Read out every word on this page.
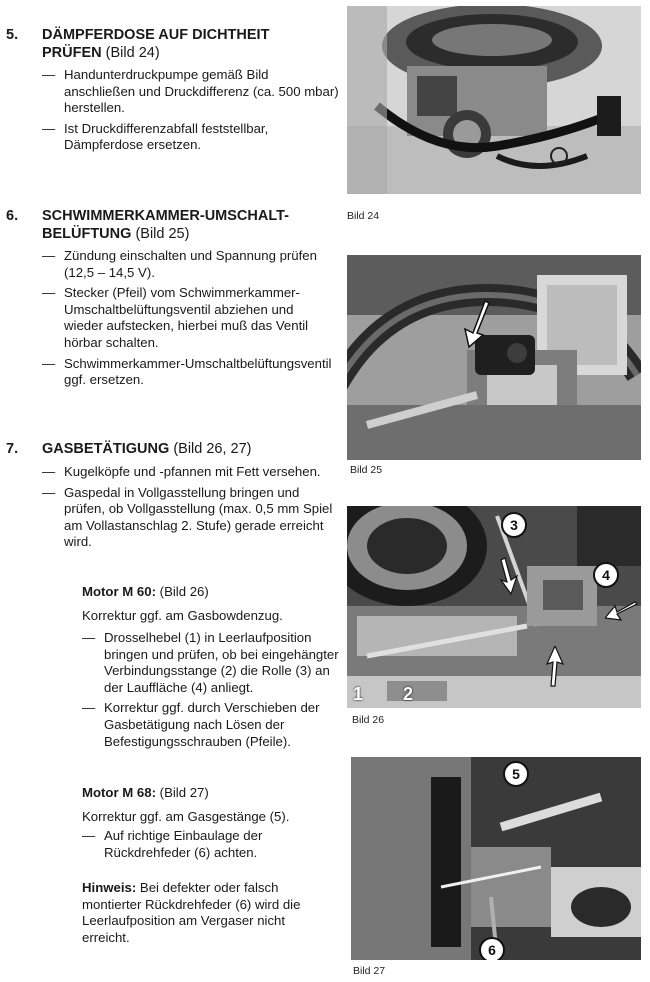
5. DÄMPFERDOSE AUF DICHTHEIT
PRÜFEN (Bild 24)
— Handunterdruckpumpe gemäß Bild anschließen und Druckdifferenz (ca. 500 mbar) herstellen.
— Ist Druckdifferenzabfall feststellbar, Dämpferdose ersetzen.
6. SCHWIMMERKAMMER-UMSCHALT-
BELÜFTUNG (Bild 25)
— Zündung einschalten und Spannung prüfen (12,5 – 14,5 V).
— Stecker (Pfeil) vom Schwimmerkammer-Umschaltbelüftungsventil abziehen und wieder aufstecken, hierbei muß das Ventil hörbar schalten.
— Schwimmerkammer-Umschaltbelüftungsventil ggf. ersetzen.
7. GASBETÄTIGUNG (Bild 26, 27)
— Kugelköpfe und -pfannen mit Fett versehen.
— Gaspedal in Vollgasstellung bringen und prüfen, ob Vollgasstellung (max. 0,5 mm Spiel am Vollastanschlag 2. Stufe) gerade erreicht wird.
Motor M 60: (Bild 26)
Korrektur ggf. am Gasbowdenzug.
— Drosselhebel (1) in Leerlaufposition bringen und prüfen, ob bei eingehängter Verbindungsstange (2) die Rolle (3) an der Lauffläche (4) anliegt.
— Korrektur ggf. durch Verschieben der Gasbetätigung nach Lösen der Befestigungsschrauben (Pfeile).
Motor M 68: (Bild 27)
Korrektur ggf. am Gasgestänge (5).
— Auf richtige Einbaulage der Rückdrehfeder (6) achten.
Hinweis: Bei defekter oder falsch montierter Rückdrehfeder (6) wird die Leerlaufposition am Vergaser nicht erreicht.
Bild 24
Bild 25
3
4
1 2
Bild 26
5
6
Bild 27
